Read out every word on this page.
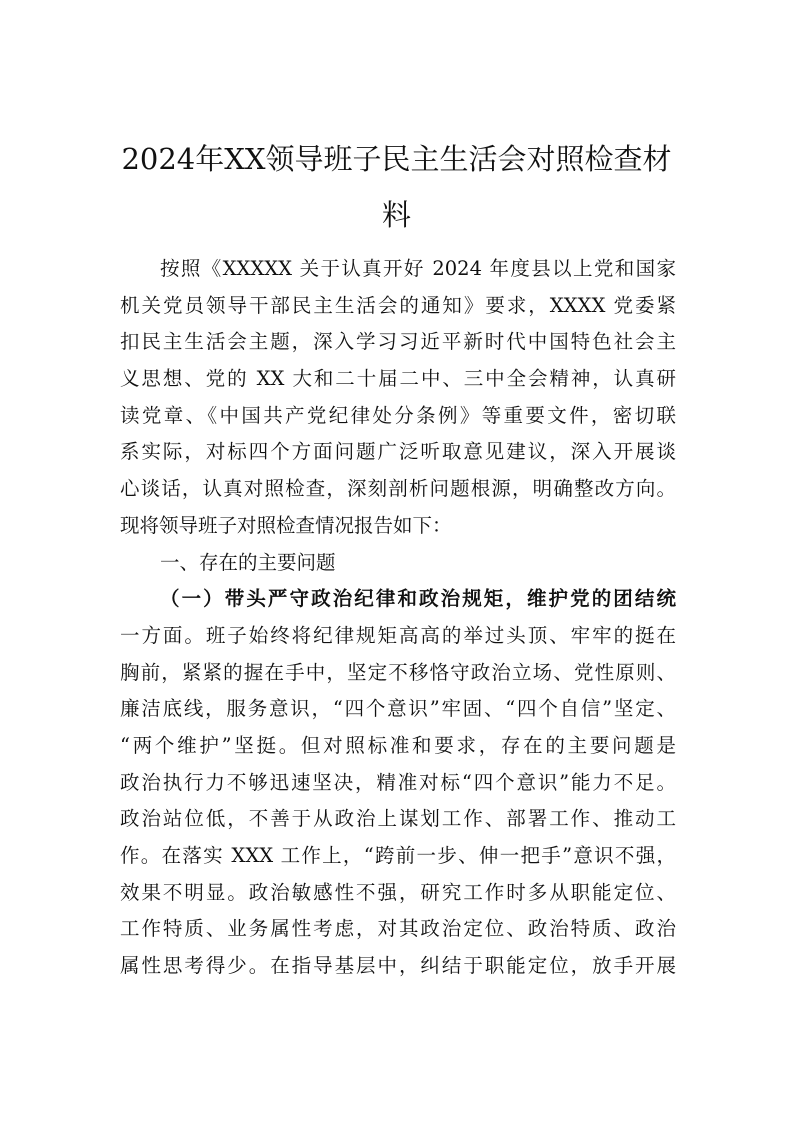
2024年XX领导班子民主生活会对照检查材
料
按照《XXXXX 关于认真开好 2024 年度县以上党和国家
机关党员领导干部民主生活会的通知》要求，XXXX 党委紧
扣民主生活会主题，深入学习习近平新时代中国特色社会主
义思想、党的 XX 大和二十届二中、三中全会精神，认真研
读党章、《中国共产党纪律处分条例》等重要文件，密切联
系实际，对标四个方面问题广泛听取意见建议，深入开展谈
心谈话，认真对照检查，深刻剖析问题根源，明确整改方向。
现将领导班子对照检查情况报告如下：
一、存在的主要问题
（一）带头严守政治纪律和政治规矩，维护党的团结统
一方面。班子始终将纪律规矩高高的举过头顶、牢牢的挺在
胸前，紧紧的握在手中，坚定不移恪守政治立场、党性原则、
廉洁底线，服务意识，“四个意识”牢固、“四个自信”坚定、
“两个维护”坚挺。但对照标准和要求，存在的主要问题是
政治执行力不够迅速坚决，精准对标“四个意识”能力不足。
政治站位低，不善于从政治上谋划工作、部署工作、推动工
作。在落实 XXX 工作上，“跨前一步、伸一把手”意识不强，
效果不明显。政治敏感性不强，研究工作时多从职能定位、
工作特质、业务属性考虑，对其政治定位、政治特质、政治
属性思考得少。在指导基层中，纠结于职能定位，放手开展
